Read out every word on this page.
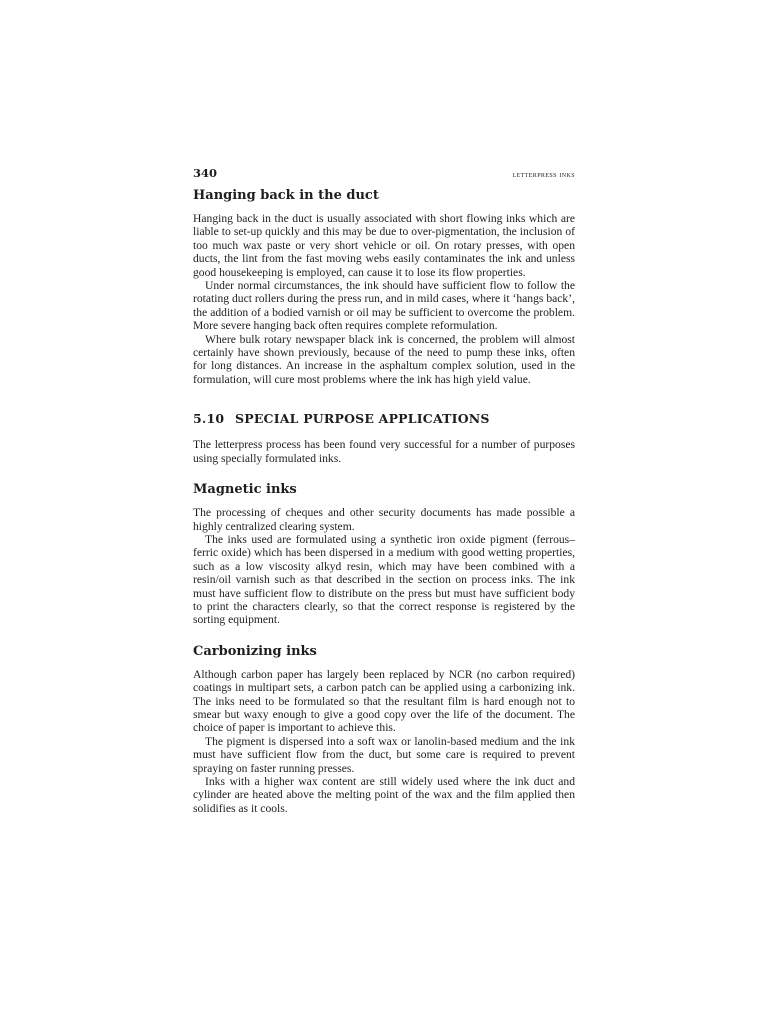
340	letterpress inks
Hanging back in the duct

Hanging back in the duct is usually associated with short flowing inks which are liable to set-up quickly and this may be due to over-pigmentation, the inclusion of too much wax paste or very short vehicle or oil. On rotary presses, with open ducts, the lint from the fast moving webs easily contaminates the ink and unless good housekeeping is employed, can cause it to lose its flow properties.

Under normal circumstances, the ink should have sufficient flow to follow the rotating duct rollers during the press run, and in mild cases, where it ‘hangs back’, the addition of a bodied varnish or oil may be sufficient to overcome the problem. More severe hanging back often requires complete reformulation.

Where bulk rotary newspaper black ink is concerned, the problem will almost certainly have shown previously, because of the need to pump these inks, often for long distances. An increase in the asphaltum complex solution, used in the formulation, will cure most problems where the ink has high yield value.

5.10 SPECIAL PURPOSE APPLICATIONS

The letterpress process has been found very successful for a number of purposes using specially formulated inks.

Magnetic inks

The processing of cheques and other security documents has made possible a highly centralized clearing system.

The inks used are formulated using a synthetic iron oxide pigment (ferrous–ferric oxide) which has been dispersed in a medium with good wetting properties, such as a low viscosity alkyd resin, which may have been combined with a resin/oil varnish such as that described in the section on process inks. The ink must have sufficient flow to distribute on the press but must have sufficient body to print the characters clearly, so that the correct response is registered by the sorting equipment.

Carbonizing inks

Although carbon paper has largely been replaced by NCR (no carbon required) coatings in multipart sets, a carbon patch can be applied using a carbonizing ink. The inks need to be formulated so that the resultant film is hard enough not to smear but waxy enough to give a good copy over the life of the document. The choice of paper is important to achieve this.

The pigment is dispersed into a soft wax or lanolin-based medium and the ink must have sufficient flow from the duct, but some care is required to prevent spraying on faster running presses.

Inks with a higher wax content are still widely used where the ink duct and cylinder are heated above the melting point of the wax and the film applied then solidifies as it cools.
